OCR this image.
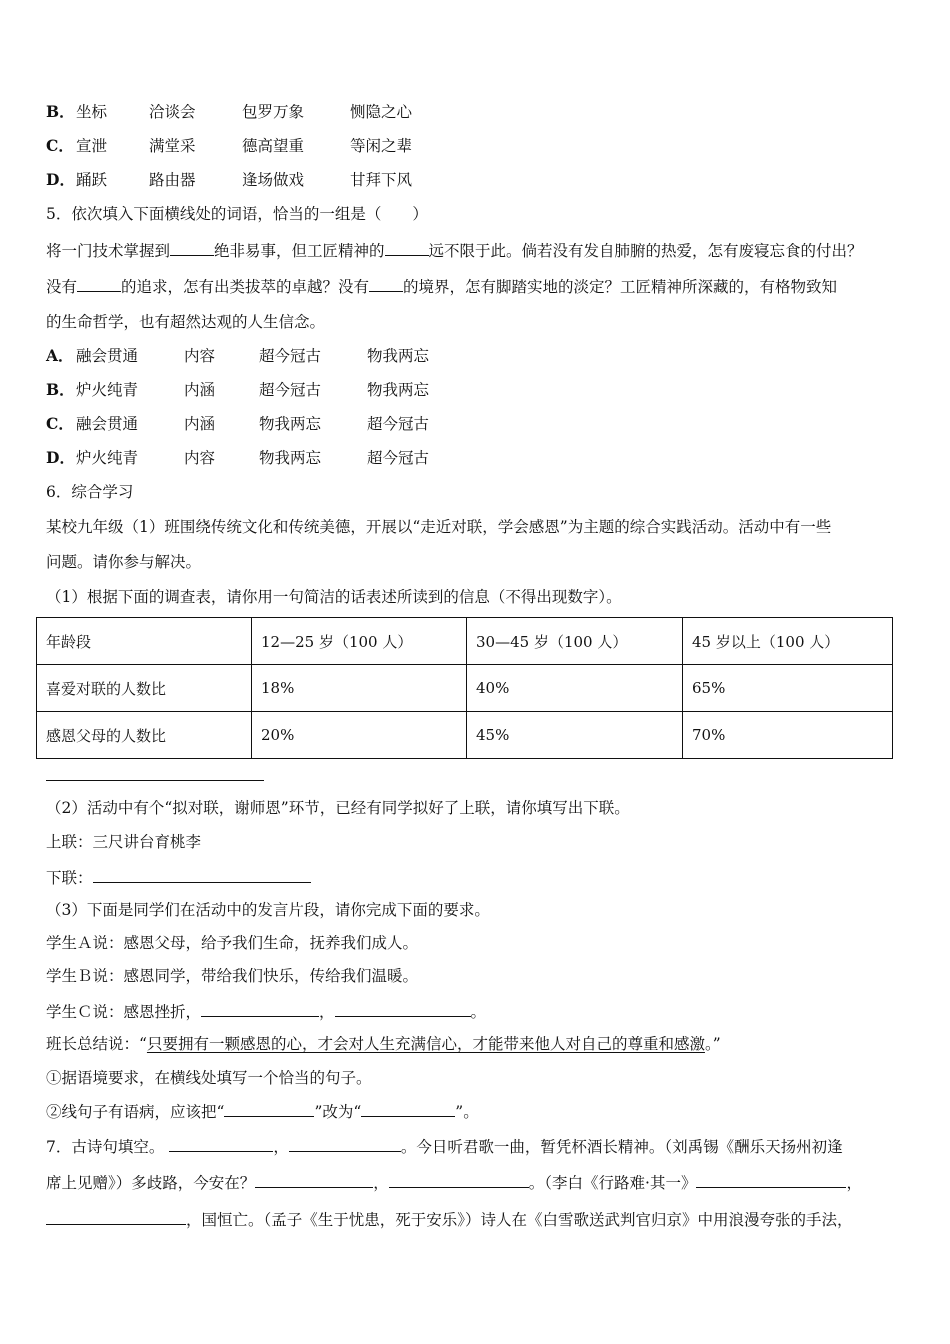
B．坐标	洽谈会	包罗万象	恻隐之心
C． 宣泄	满堂采	德高望重	等闲之辈
D．踊跃	路由器	逢场做戏	甘拜下风
5．依次填入下面横线处的词语，恰当的一组是（　　）
将一门技术掌握到	绝非易事，但工匠精神的	远不限于此。倘若没有发自肺腑的热爱，怎有废寝忘食的付出？
没有	的追求，怎有出类拔萃的卓越？没有 的境界，怎有脚踏实地的淡定？工匠精神所深藏的，有格物致知
的生命哲学，也有超然达观的人生信念。
A． 融会贯通	内容	超今冠古	物我两忘
B．炉火纯青	内涵	超今冠古	物我两忘
C． 融会贯通	内涵	物我两忘	超今冠古
D．炉火纯青	内容	物我两忘	超今冠古
6．综合学习
某校九年级（1）班围绕传统文化和传统美德，开展以“走近对联，学会感恩”为主题的综合实践活动。活动中有一些
问题。请你参与解决。
（1）根据下面的调查表，请你用一句简洁的话表述所读到的信息（不得出现数字）。
年龄段	12—25 岁（100 人）	30—45 岁（100 人）	45 岁以上（100 人）
喜爱对联的人数比	18%	40%	65%
感恩父母的人数比	20%	45%	70%
（2）活动中有个“拟对联，谢师恩”环节，已经有同学拟好了上联，请你填写出下联。
上联：三尺讲台育桃李
下联：
（3）下面是同学们在活动中的发言片段，请你完成下面的要求。
学生Ａ说：感恩父母，给予我们生命，抚养我们成人。
学生Ｂ说：感恩同学，带给我们快乐，传给我们温暖。
学生Ｃ说：感恩挫折，	，	。
班长总结说：“只要拥有一颗感恩的心，才会对人生充满信心，才能带来他人对自己的尊重和感激。”
①据语境要求，在横线处填写一个恰当的句子。
②线句子有语病，应该把“	”改为“	”。
7．古诗句填空。	，	。今日听君歌一曲，暂凭杯酒长精神。（刘禹锡《酬乐天扬州初逢
席上见赠》）多歧路，今安在？	，	。（李白《行路难·其一》	，
，国恒亡。（孟子《生于忧患，死于安乐》）诗人在《白雪歌送武判官归京》中用浪漫夸张的手法，
